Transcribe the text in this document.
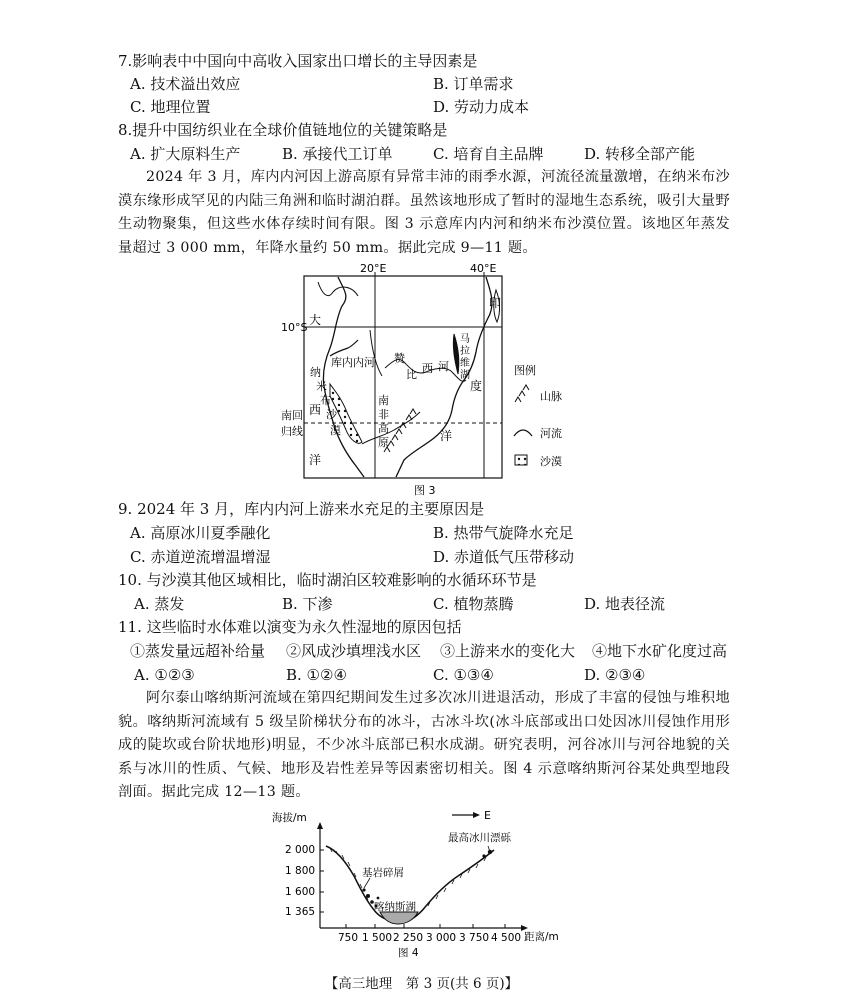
7.影响表中中国向中高收入国家出口增长的主导因素是
A. 技术溢出效应	B. 订单需求
C. 地理位置	D. 劳动力成本
8.提升中国纺织业在全球价值链地位的关键策略是
A. 扩大原料生产	B. 承接代工订单	C. 培育自主品牌	D. 转移全部产能
2024 年 3 月，库内内河因上游高原有异常丰沛的雨季水源，河流径流量激增，在纳米布沙漠东缘形成罕见的内陆三角洲和临时湖泊群。虽然该地形成了暂时的湿地生态系统，吸引大量野生动物聚集，但这些水体存续时间有限。图 3 示意库内内河和纳米布沙漠位置。该地区年蒸发量超过 3 000 mm，年降水量约 50 mm。据此完成 9—11 题。
20°E	40°E
10°S
南回
归线
大
西
洋
印
度
洋
库内内河
纳
米
布
沙
漠
赞
比 西 河
马
拉
维
湖
南
非
高
原
图例
山脉
河流
沙漠
图 3
9. 2024 年 3 月，库内内河上游来水充足的主要原因是
A. 高原冰川夏季融化	B. 热带气旋降水充足
C. 赤道逆流增温增湿	D. 赤道低气压带移动
10. 与沙漠其他区域相比，临时湖泊区较难影响的水循环环节是
A. 蒸发	B. 下渗	C. 植物蒸腾	D. 地表径流
11. 这些临时水体难以演变为永久性湿地的原因包括
①蒸发量远超补给量 ②风成沙填埋浅水区 ③上游来水的变化大 ④地下水矿化度过高
A. ①②③	B. ①②④	C. ①③④	D. ②③④
阿尔泰山喀纳斯河流域在第四纪期间发生过多次冰川进退活动，形成了丰富的侵蚀与堆积地貌。喀纳斯河流域有 5 级呈阶梯状分布的冰斗，古冰斗坎(冰斗底部或出口处因冰川侵蚀作用形成的陡坎或台阶状地形)明显，不少冰斗底部已积水成湖。研究表明，河谷冰川与河谷地貌的关系与冰川的性质、气候、地形及岩性差异等因素密切相关。图 4 示意喀纳斯河谷某处典型地段剖面。据此完成 12—13 题。
E
海拔/m
距离/m
2 000
1 800
1 600
1 365
750 1 500 2 250 3 000 3 750 4 500
基岩碎屑
喀纳斯湖
最高冰川漂砾
图 4
【高三地理　第 3 页(共 6 页)】
